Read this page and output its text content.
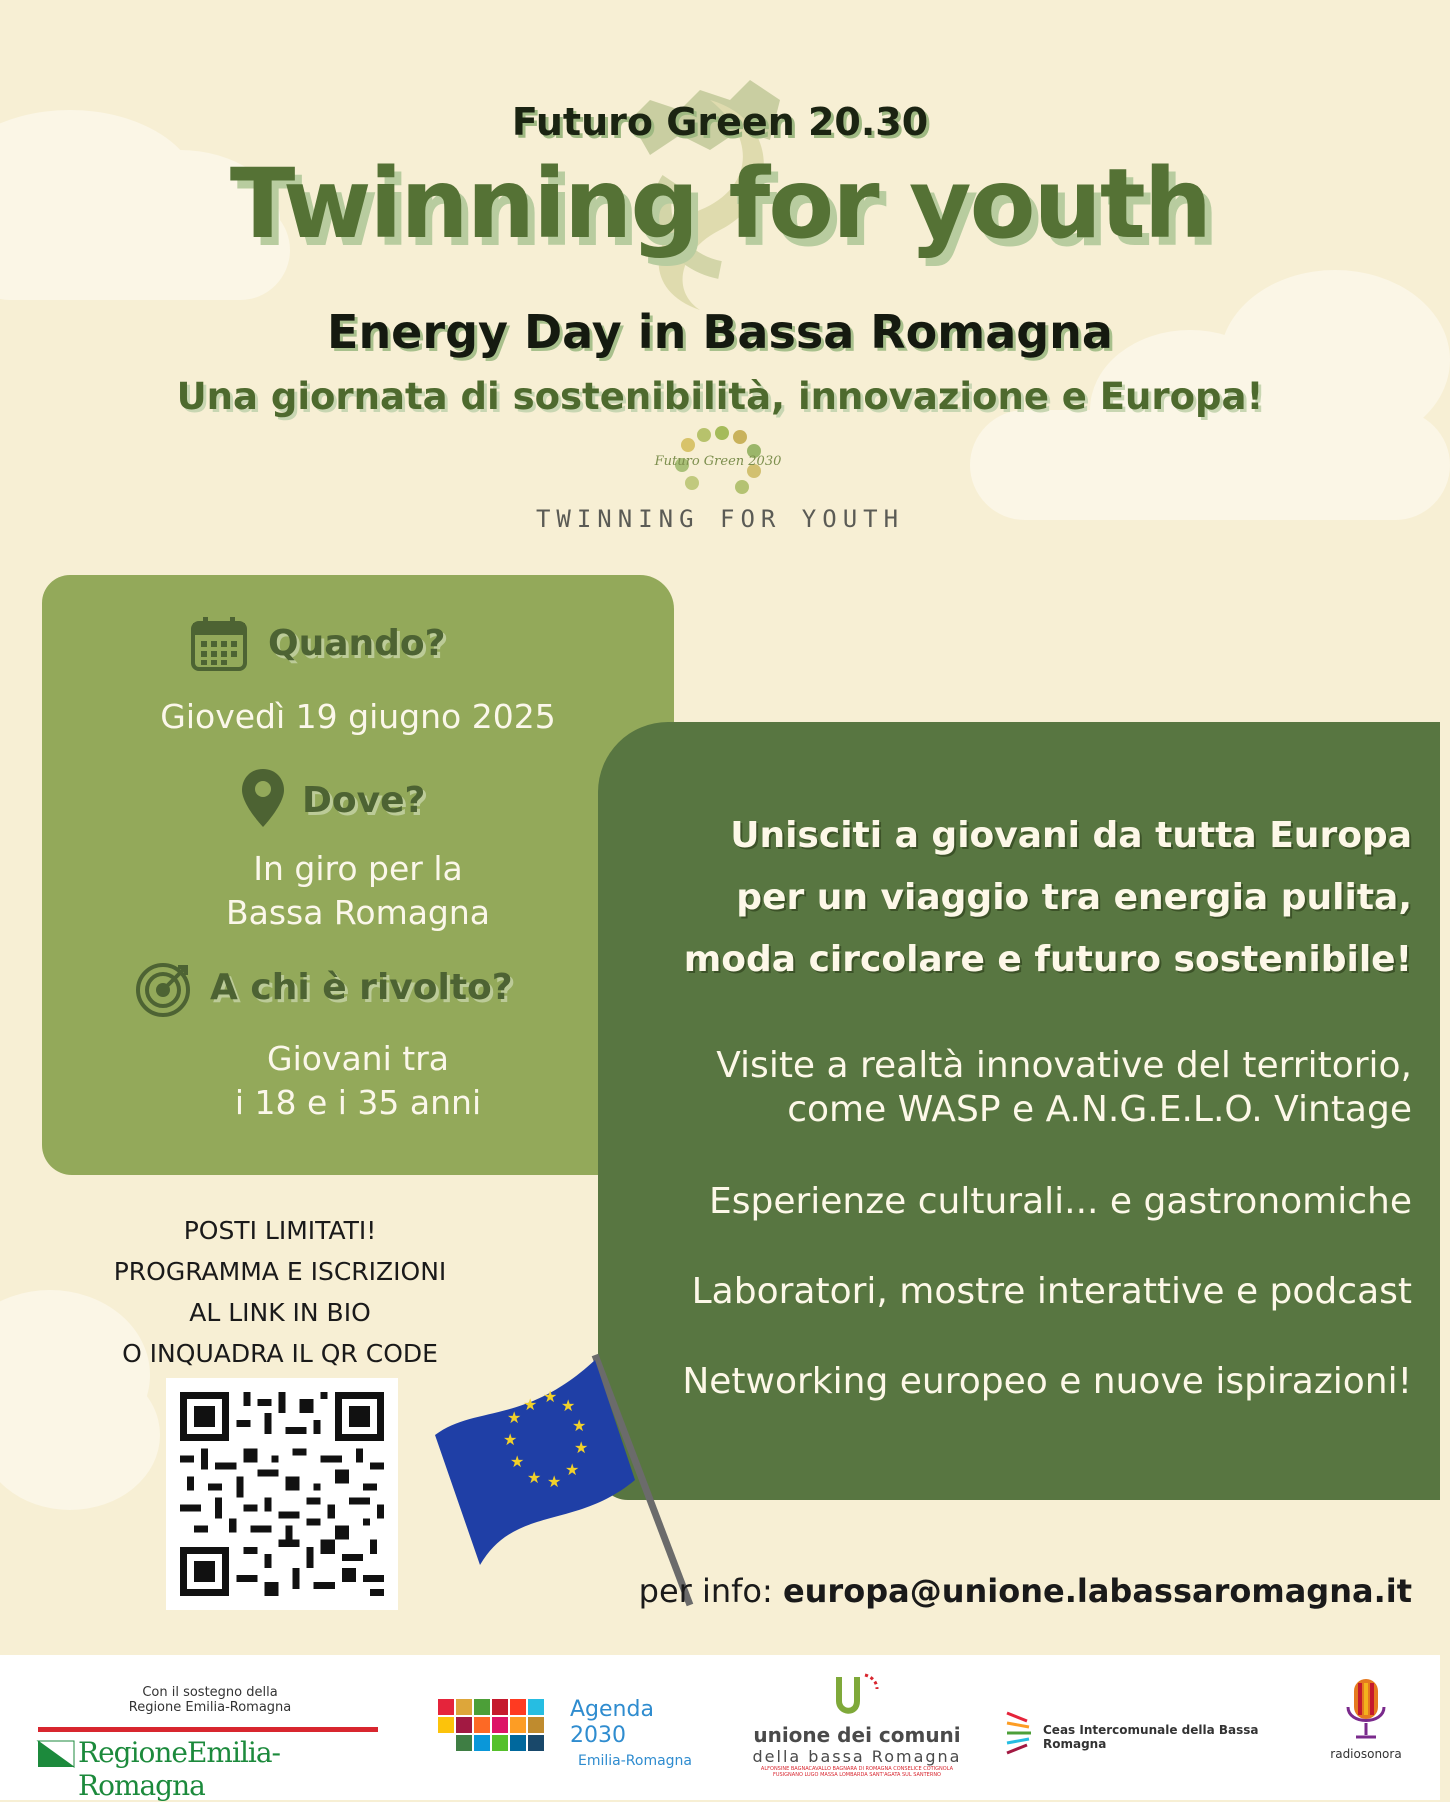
Futuro Green 20.30
Twinning for youth
Energy Day in Bassa Romagna
Una giornata di sostenibilità, innovazione e Europa!
Futuro Green 2030
TWINNING FOR YOUTH
Quando?
Giovedì 19 giugno 2025
Dove?
In giro per la
Bassa Romagna
A chi è rivolto?
Giovani tra
i 18 e i 35 anni
Unisciti a giovani da tutta Europa
per un viaggio tra energia pulita,
moda circolare e futuro sostenibile!
Visite a realtà innovative del territorio,
come WASP e A.N.G.E.L.O. Vintage
Esperienze culturali... e gastronomiche
Laboratori, mostre interattive e podcast
Networking europeo e nuove ispirazioni!
POSTI LIMITATI!
PROGRAMMA E ISCRIZIONI
AL LINK IN BIO
O INQUADRA IL QR CODE
★ ★ ★
★
★
★
★
★
★
★
★
per info: europa@unione.labassaromagna.it
Con il sostegno della
Regione Emilia-Romagna
RegioneEmilia-Romagna
Agenda
2030
Emilia-Romagna
unione dei comuni
della bassa Romagna
ALFONSINE BAGNACAVALLO BAGNARA DI ROMAGNA CONSELICE COTIGNOLA
FUSIGNANO LUGO MASSA LOMBARDA SANT'AGATA SUL SANTERNO
Ceas Intercomunale della Bassa Romagna
radiosonora
